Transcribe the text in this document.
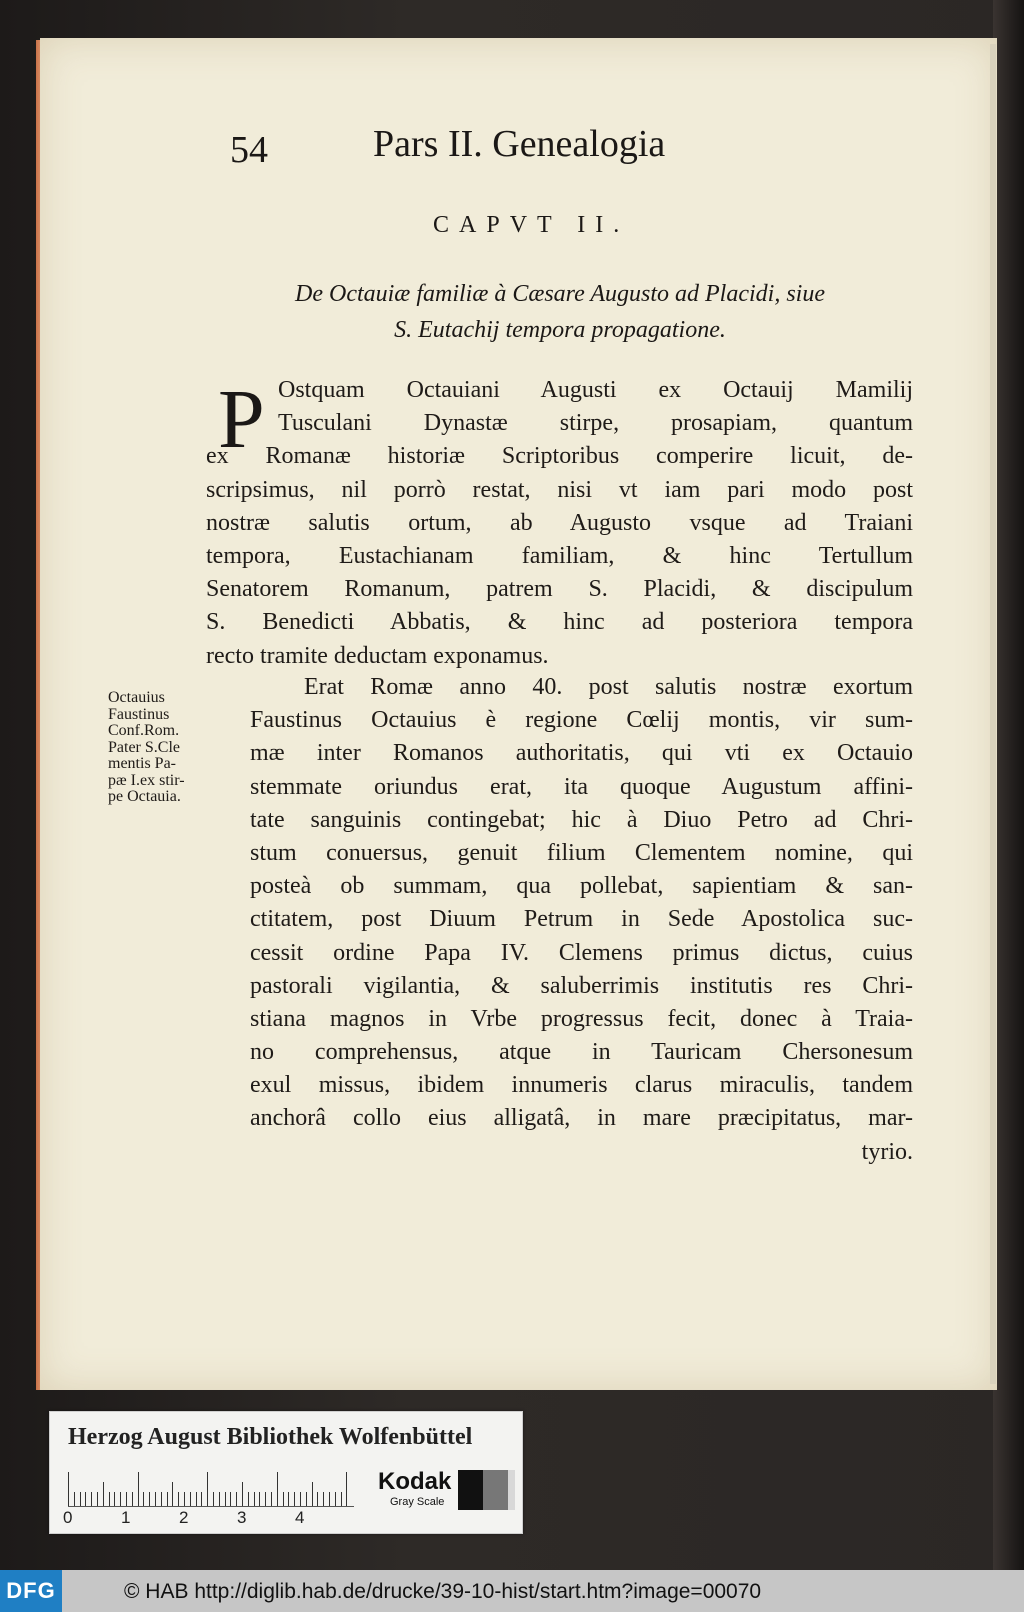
54	Pars II. Genealogia
CAPVT II.
De Octauiæ familiæ à Cæsare Augusto ad Placidi, siue
S. Eutachij tempora propagatione.
P Ostquam Octauiani Augusti ex Octauij Mamilij
Tusculani Dynastæ stirpe, prosapiam, quantum
ex Romanæ historiæ Scriptoribus comperire licuit, de-
scripsimus, nil porrò restat, nisi vt iam pari modo post
nostræ salutis ortum, ab Augusto vsque ad Traiani
tempora, Eustachianam familiam, & hinc Tertullum
Senatorem Romanum, patrem S. Placidi, & discipulum
S. Benedicti Abbatis, & hinc ad posteriora tempora
recto tramite deductam exponamus.
Octauius
Faustinus
Conf.Rom.
Pater S.Cle
mentis Pa-
pæ I.ex stir-
pe Octauia.
Erat Romæ anno 40. post salutis nostræ exortum
Faustinus Octauius è regione Cœlij montis, vir sum-
mæ inter Romanos authoritatis, qui vti ex Octauio
stemmate oriundus erat, ita quoque Augustum affini-
tate sanguinis contingebat; hic à Diuo Petro ad Chri-
stum conuersus, genuit filium Clementem nomine, qui
posteà ob summam, qua pollebat, sapientiam & san-
ctitatem, post Diuum Petrum in Sede Apostolica suc-
cessit ordine Papa IV. Clemens primus dictus, cuius
pastorali vigilantia, & saluberrimis institutis res Chri-
stiana magnos in Vrbe progressus fecit, donec à Traia-
no comprehensus, atque in Tauricam Chersonesum
exul missus, ibidem innumeris clarus miraculis, tandem
anchorâ collo eius alligatâ, in mare præcipitatus, mar-
tyrio.
Herzog August Bibliothek Wolfenbüttel
0	1	2	3	4
Kodak
Gray Scale
DFG	© HAB http://diglib.hab.de/drucke/39-10-hist/start.htm?image=00070
